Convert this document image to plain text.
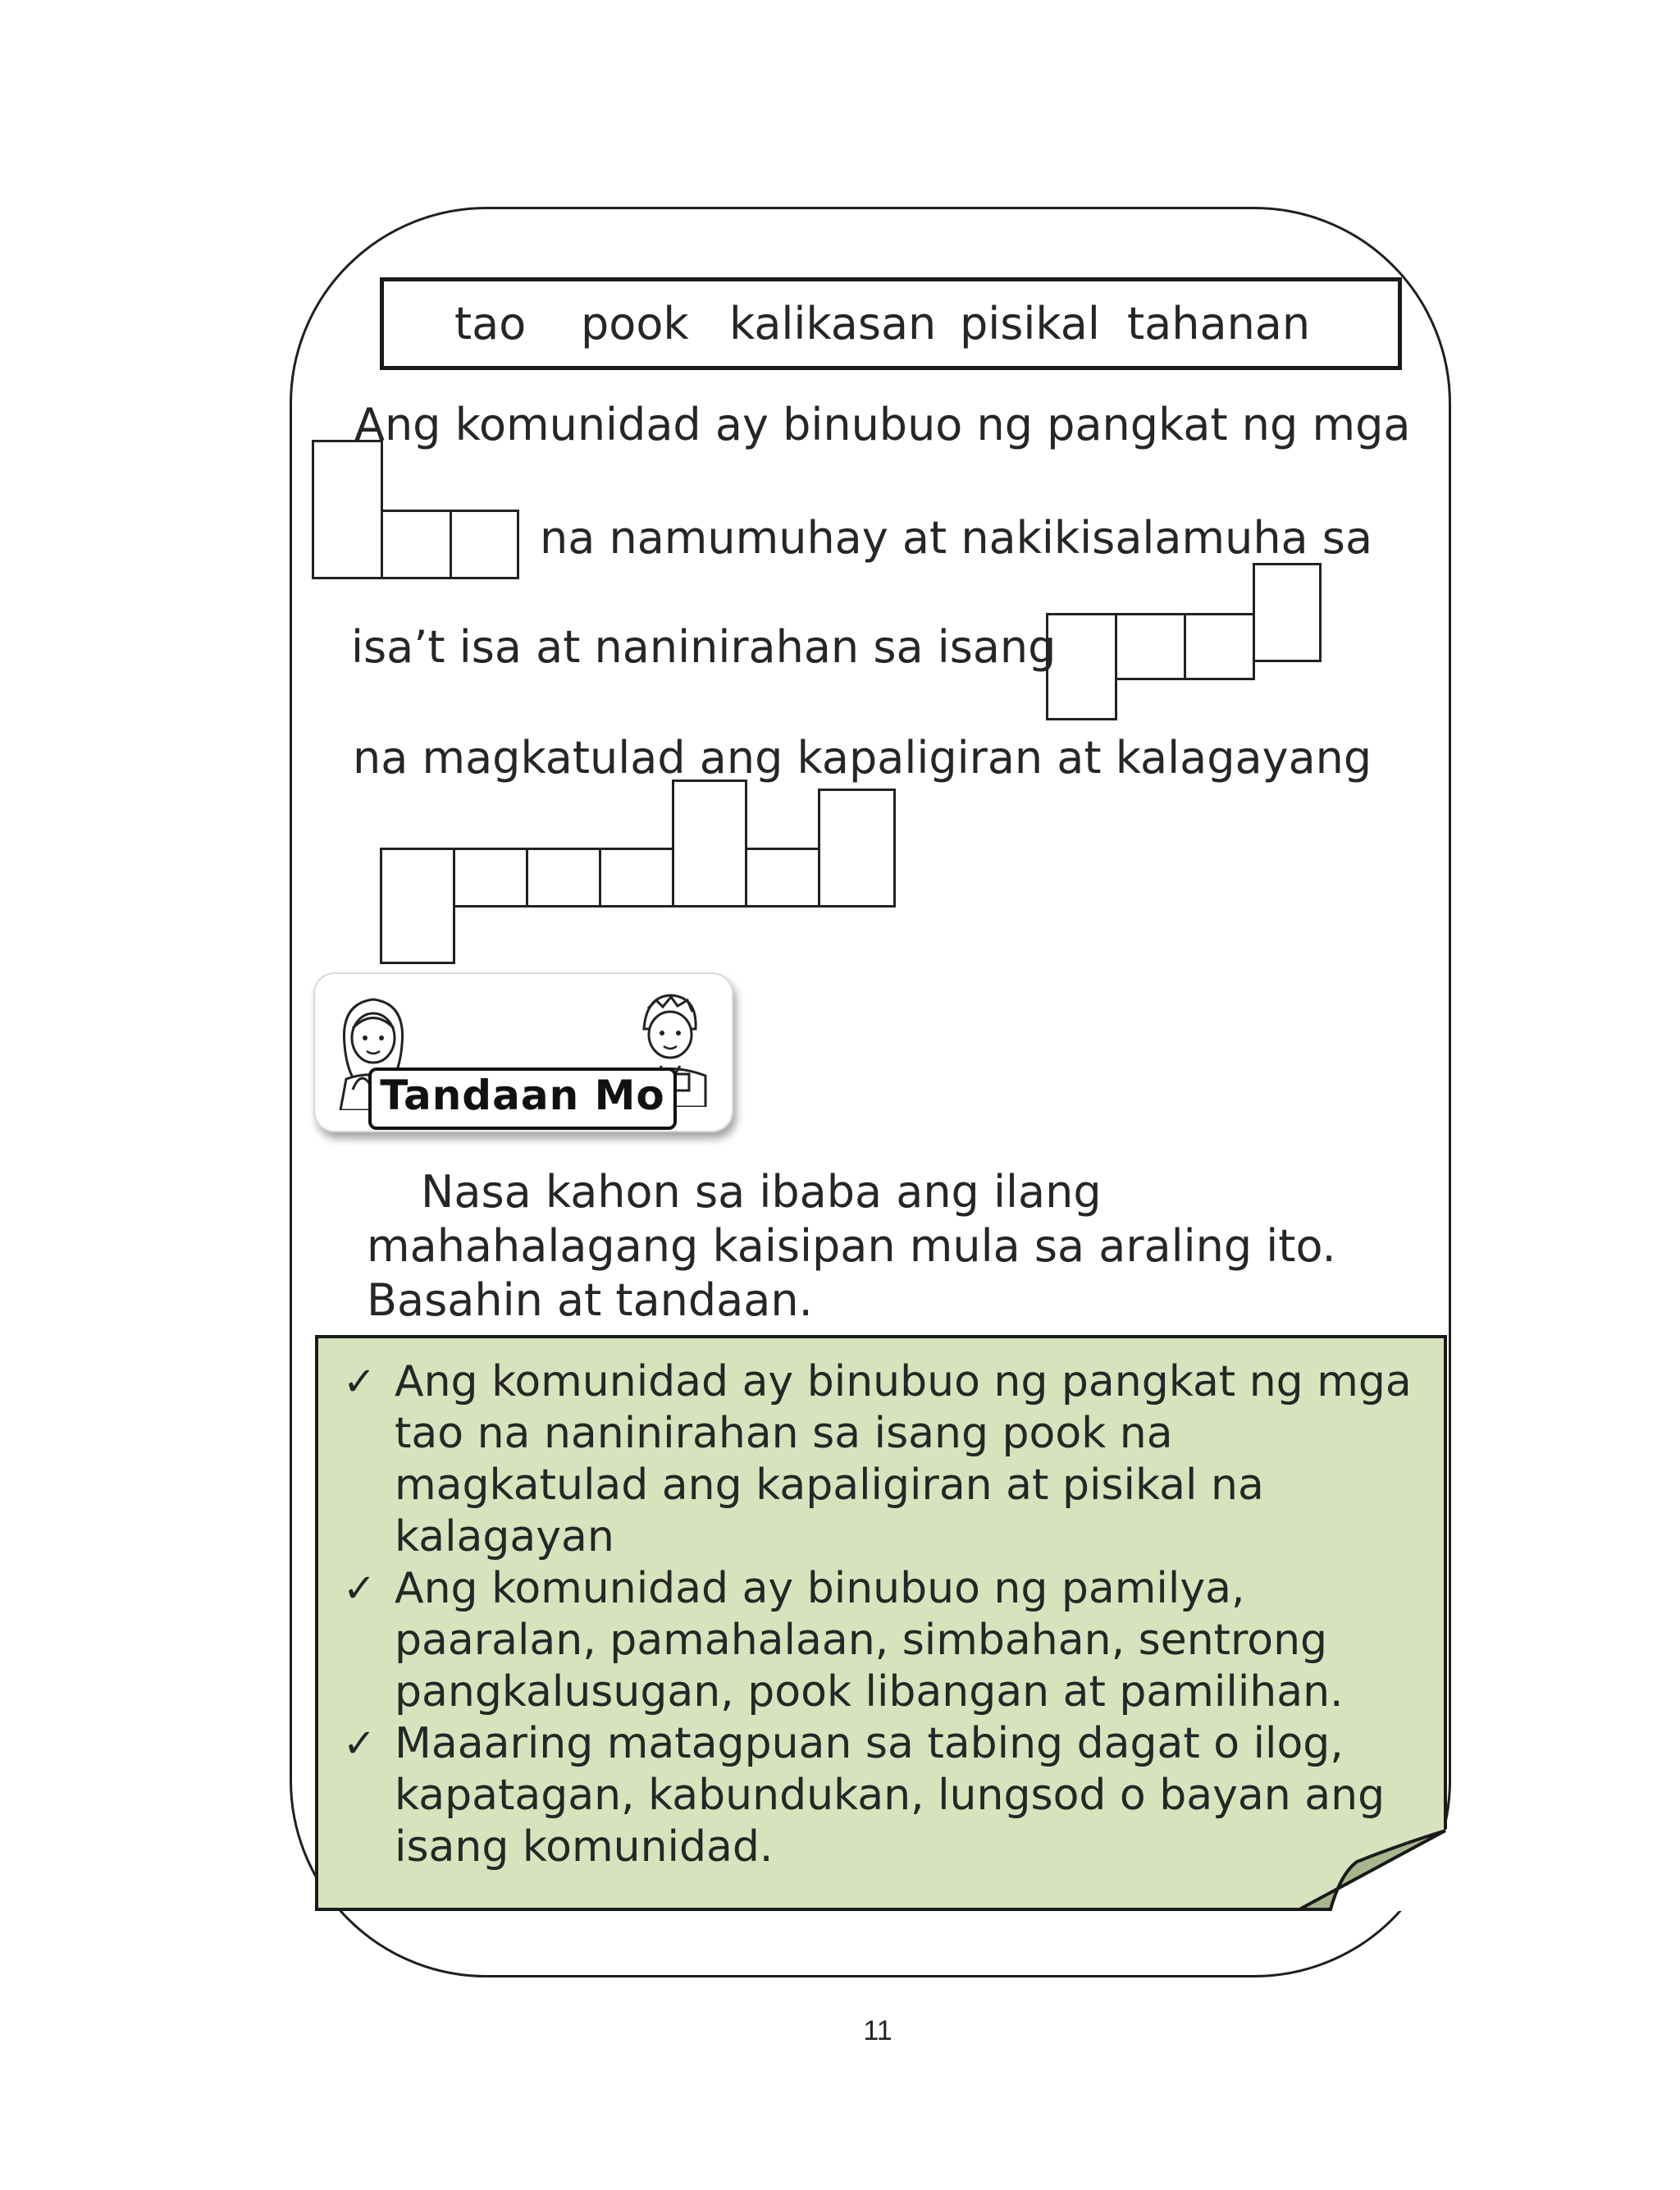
tao pook kalikasan pisikal tahanan
Ang komunidad ay binubuo ng pangkat ng mga
na namumuhay at nakikisalamuha sa
isa’t isa at naninirahan sa isang
na magkatulad ang kapaligiran at kalagayang
Tandaan Mo
Nasa kahon sa ibaba ang ilang mahahalagang kaisipan mula sa araling ito. Basahin at tandaan.
✓ Ang komunidad ay binubuo ng pangkat ng mga tao na naninirahan sa isang pook na magkatulad ang kapaligiran at pisikal na kalagayan
✓ Ang komunidad ay binubuo ng pamilya, paaralan, pamahalaan, simbahan, sentrong pangkalusugan, pook libangan at pamilihan.
✓ Maaaring matagpuan sa tabing dagat o ilog, kapatagan, kabundukan, lungsod o bayan ang isang komunidad.
11
